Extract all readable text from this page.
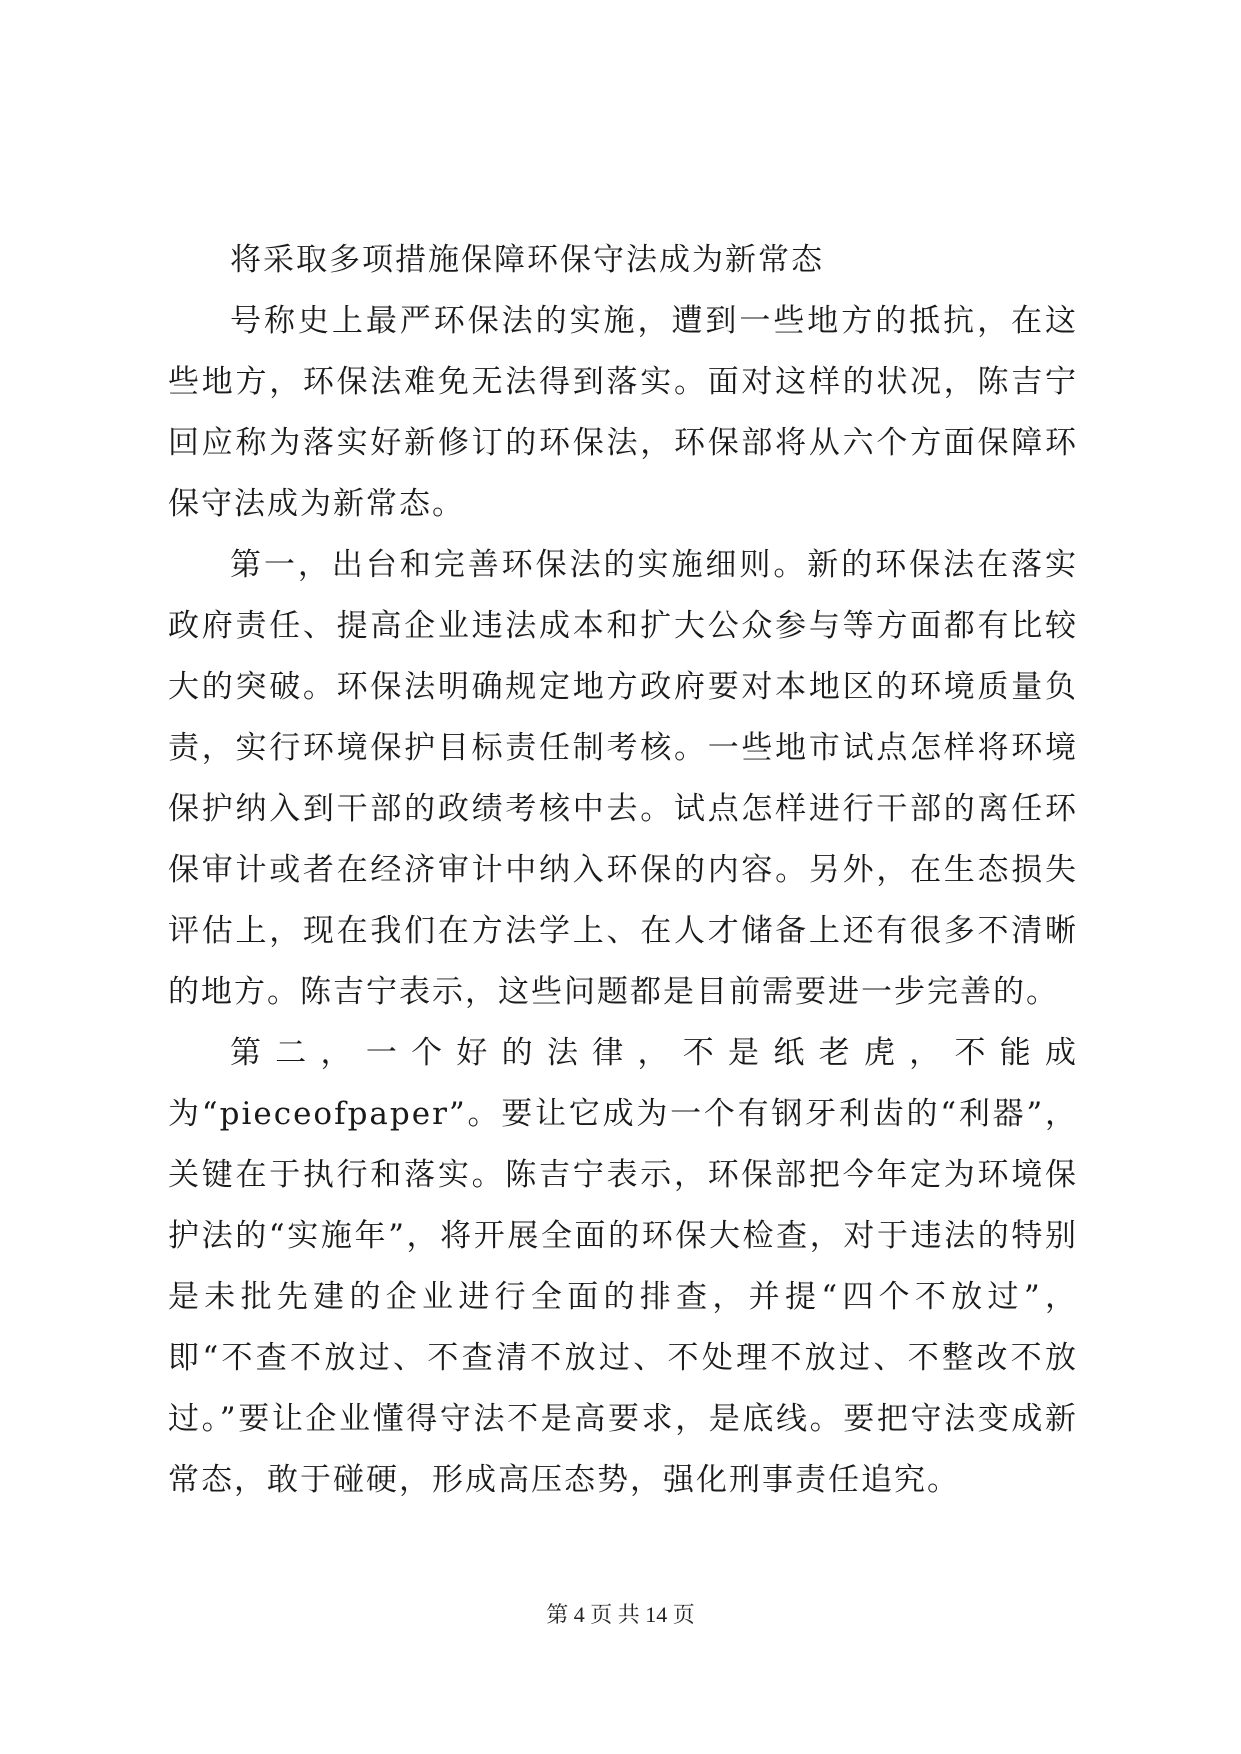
将采取多项措施保障环保守法成为新常态

号称史上最严环保法的实施，遭到一些地方的抵抗，在这些地方，环保法难免无法得到落实。面对这样的状况，陈吉宁回应称为落实好新修订的环保法，环保部将从六个方面保障环保守法成为新常态。

第一，出台和完善环保法的实施细则。新的环保法在落实政府责任、提高企业违法成本和扩大公众参与等方面都有比较大的突破。环保法明确规定地方政府要对本地区的环境质量负责，实行环境保护目标责任制考核。一些地市试点怎样将环境保护纳入到干部的政绩考核中去。试点怎样进行干部的离任环保审计或者在经济审计中纳入环保的内容。另外，在生态损失评估上，现在我们在方法学上、在人才储备上还有很多不清晰的地方。陈吉宁表示，这些问题都是目前需要进一步完善的。

第二，一个好的法律，不是纸老虎，不能成为“pieceofpaper”。要让它成为一个有钢牙利齿的“利器”，关键在于执行和落实。陈吉宁表示，环保部把今年定为环境保护法的“实施年”，将开展全面的环保大检查，对于违法的特别是未批先建的企业进行全面的排查，并提“四个不放过”，即“不查不放过、不查清不放过、不处理不放过、不整改不放过。”要让企业懂得守法不是高要求，是底线。要把守法变成新常态，敢于碰硬，形成高压态势，强化刑事责任追究。

第 4 页 共 14 页
